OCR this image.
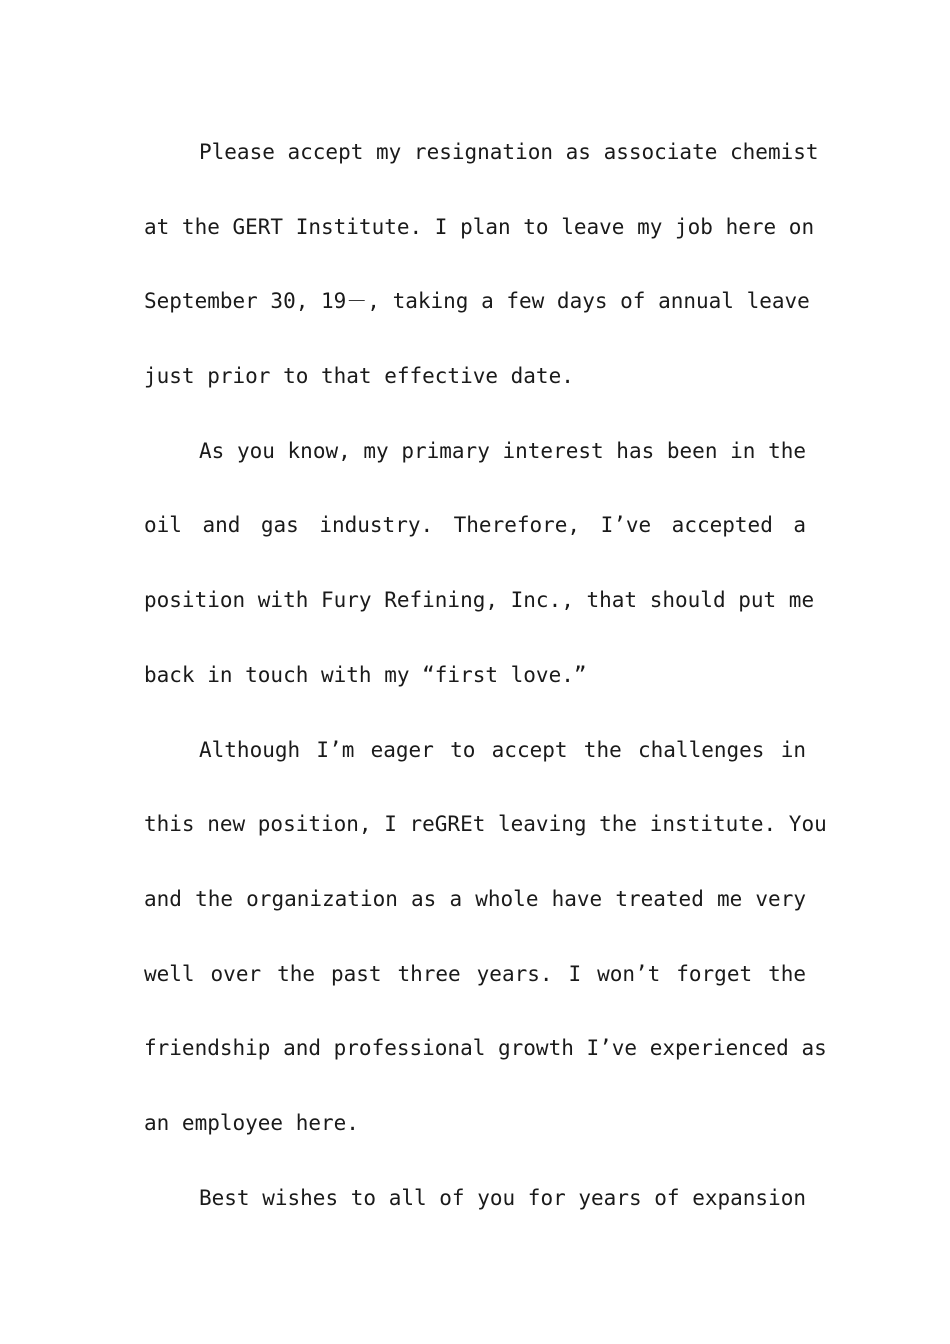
Please accept my resignation as associate chemist
at the GERT Institute. I plan to leave my job here on
September 30, 19－, taking a few days of annual leave
just prior to that effective date.
As you know, my primary interest has been in the
oil and gas industry. Therefore, I’ve accepted a
position with Fury Refining, Inc., that should put me
back in touch with my “first love.”
Although I’m eager to accept the challenges in
this new position, I reGREt leaving the institute. You
and the organization as a whole have treated me very
well over the past three years. I won’t forget the
friendship and professional growth I’ve experienced as
an employee here.
Best wishes to all of you for years of expansion
